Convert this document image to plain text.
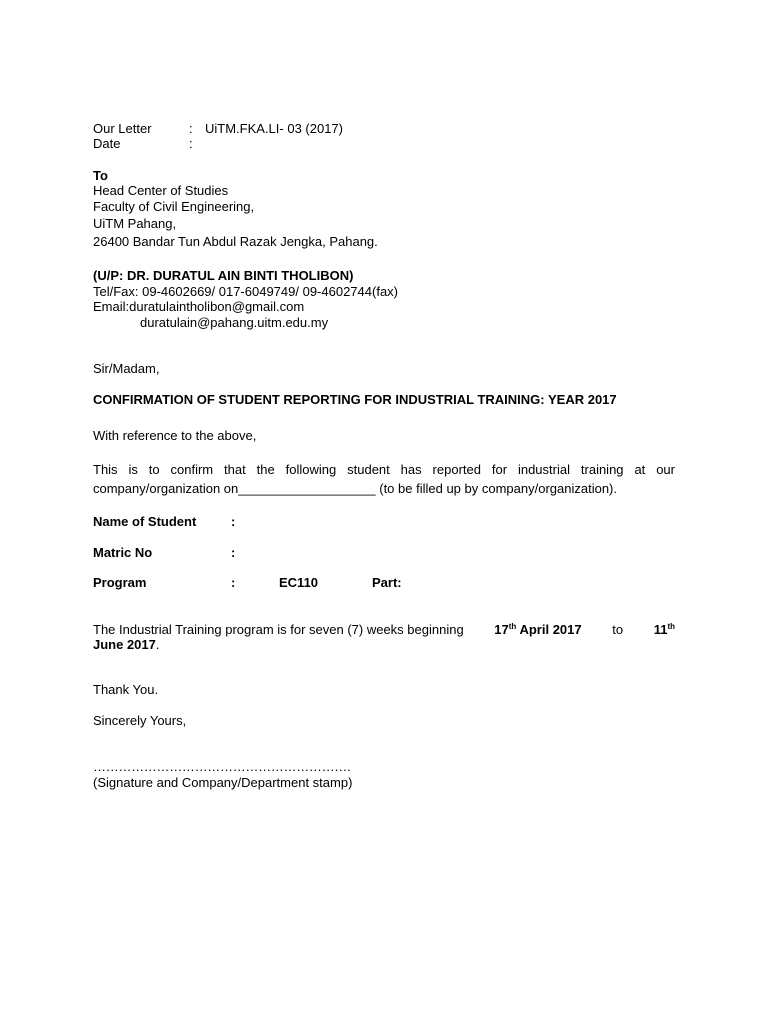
Our Letter	: UiTM.FKA.LI- 03 (2017)
Date	:
To
Head Center of Studies
Faculty of Civil Engineering,
UiTM Pahang,
26400 Bandar Tun Abdul Razak Jengka, Pahang.
(U/P: DR. DURATUL AIN BINTI THOLIBON)
Tel/Fax: 09-4602669/ 017-6049749/ 09-4602744(fax)
Email:duratulaintholibon@gmail.com
duratulain@pahang.uitm.edu.my
Sir/Madam,
CONFIRMATION OF STUDENT REPORTING FOR INDUSTRIAL TRAINING: YEAR 2017
With reference to the above,
This is to confirm that the following student has reported for industrial training at our
company/organization on___________________ (to be filled up by company/organization).
Name of Student	:
Matric No	:
Program	:	EC110	Part:
The Industrial Training program is for seven (7) weeks beginning 17th April 2017 to 11th
June 2017.
Thank You.
Sincerely Yours,
…………………………………………………….
(Signature and Company/Department stamp)
